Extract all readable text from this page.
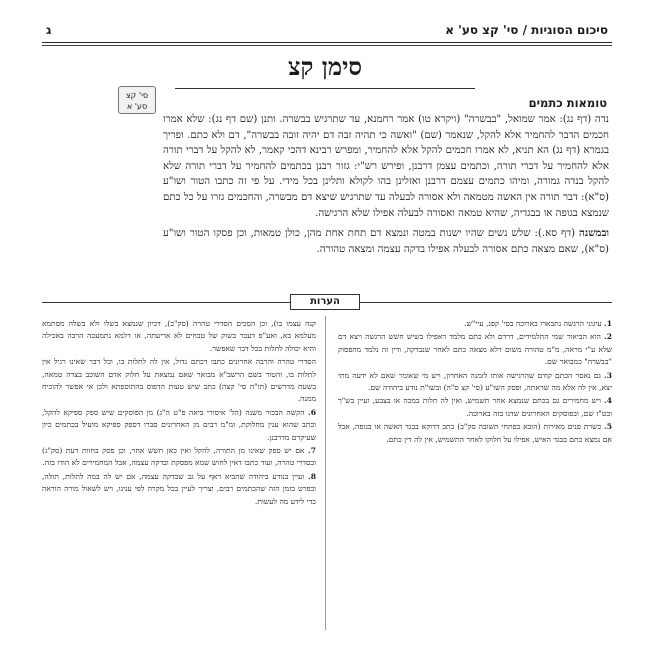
סיכום הסוגיות / סי' קצ סע' א
ג
סימן קצ
סי' קצ סע' א	טומאות כתמים

נדה (דף נג): אמר שמואל, "בבשרה" (ויקרא טו) אמר רחמנא, עד שתרגיש בבשרה. ותנן (שם דף נג): שלא אמרו חכמים הדבר להחמיר אלא להקל, שנאמר (שם) "ואשה כי תהיה זבה דם יהיה זובה בבשרה", דם ולא כתם. ופריך בגמרא (דף נג) הא תניא, לא אמרו חכמים להקל אלא להחמיר, ומפרש רבינא דהכי קאמר, לא להקל על דברי תורה אלא להחמיר על דברי תורה, וכתמים עצמן דרבנן, ופירש רש"י: גזור רבנן בכתמים להחמיר על דברי תורה שלא להקל בנדה גמורה, ומיהו כתמים עצמם דרבנן ואזלינן בהו לקולא ותלינן בכל מידי. על פי זה כתבו הטור ושו"ע (ס"א): דבר תורה אין האשה מטמאה ולא אסורה לבעלה עד שתרגיש שיצא דם מבשרה, והחכמים גזרו על כל כתם שנמצא בגופה או בבגדיה, שהיא טמאה ואסורה לבעלה אפילו שלא הרגישה.

ובמשנה (דף סא.): שלש נשים שהיו ישנות במטה ונמצא דם תחת אחת מהן, כולן טמאות, וכן פסקו הטור ושו"ע (ס"א), שאם מצאה כתם אסורה לבעלה אפילו בדקה עצמה ומצאה טהורה.

הערות

1. עיגוני הרגשה נתבארו בארוכה בסי' קפג, עיי"ש.

2. הוא הביאור שמי התלמידים, דרדם ולא כתם מלמד דאפילו בשיש חשש הרגשה ויצא דם שלא ע"י מראה, מ"מ טהורה משום דלא מצאה כתם לאחר שנבדקה, ודין זה נלמד מהפסוק "בבשרה" כמבואר שם.

3. גם נאסר הכתם קודם שהרגישה אותו לזמנה האחרון, ויש מי שאומר שאם לא ידעה מתי יצא, אין לה אלא מה שראתה, ופסק השו"ע (סי' קצ ס"ה) ובשו"ת נודע ביהודה שם.

4. ויש מחמירים גם בכתם שנמצא אחר תשמיש, ואין לה תלות במכה או בצבע, ועיין בש"ך ובט"ז שם, ובפוסקים האחרונים שדנו בזה בארוכה.

5. כשרת פנים מאירות (הובא בפתחי תשובה סק"ב) כתב דדוקא בבגד האשה או בגופה, אבל אם נמצא כתם בבגד האיש, אפילו על חלוקו לאחר התשמיש, אין לה דין כתם.

קנה עצמו בו), וכן הסכים הסדרי טהרה (סק"ב), דכיון שנמצא בשלו ולא בשלה מסתמא מעלמא בא, ואע"פ דעבר בשוק של טבחים לא אריעתה, או דלמא נתמעכה הרבה באכילה והיא יכולה לתלות בכל דבר שאפשר.

הסדרי טהרה והרבה אחרונים כתבו דכתם גדול, אין לה לתלות בו, וכל דבר שאינו רגיל אין לתלות בו, והטור בשם הרשב"א מבואר שאם נמצאת על חלוק אדם השוכב בצדה טמאה, בשעת מדרשים (תו"ה סי' קצה) כתב שיש טעות הדפוס בהתוספתא ולכן אי אפשר להוכיח ממנה.

6. הקשה הבכור משנה (הל' איסורי ביאה פ"ט ה"ג) מן הפוסקים שיש ספק ספיקא להקל, וכתב שהוא ענין מחלוקת, ומ"מ רבים מן האחרונים סברו דספק ספיקא מועיל בכתמים כיון שעיקרם מדרבנן.

7. אם יש ספק שאינו מן התורה, להקל ואין כאן חשש אחר, וכן פסק בחוות דעת (סק"ג) ובסדרי טהרה, ועוד כתבו דאין לחוש שמא מפסקת ובדקה עצמה, אבל המחמירים לא הודו בזה.

8. ועיין בנודע ביהודה שהביא דאף על גב שבדקה עצמה, אם יש לה במה לתלות, תולה, ובפרט בזמן הזה שהכתמים רבים, וצריך לעיין בכל מקרה לפי ענינו, ויש לשאול מורה הוראה כדי לידע מה לעשות.
